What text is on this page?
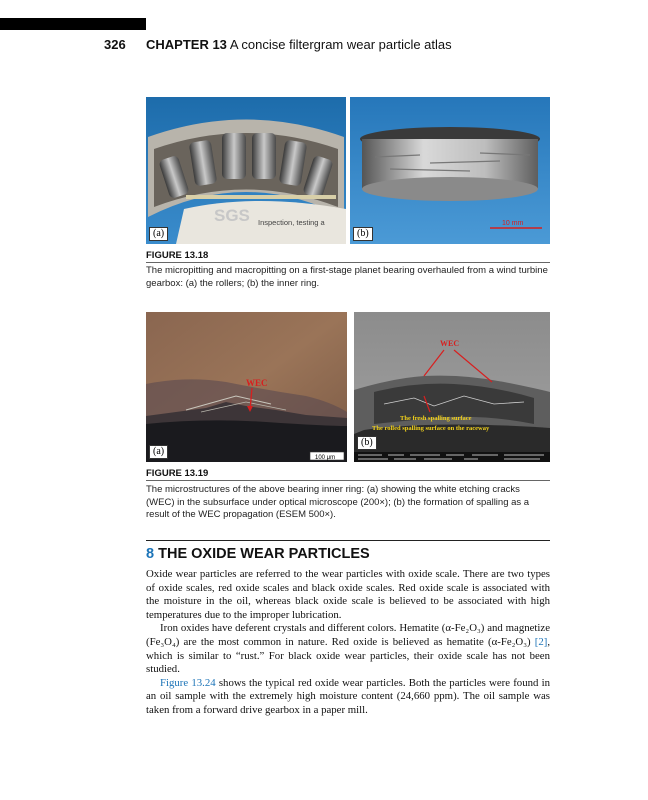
326 CHAPTER 13 A concise filtergram wear particle atlas
SGS Inspection, testing a
(a)
10 mm
(b)
FIGURE 13.18
The micropitting and macropitting on a first-stage planet bearing overhauled from a wind turbine gearbox: (a) the rollers; (b) the inner ring.
WEC
100 μm
(a)
WEC
The fresh spalling surface
The rolled spalling surface on the raceway
(b)
FIGURE 13.19
The microstructures of the above bearing inner ring: (a) showing the white etching cracks (WEC) in the subsurface under optical microscope (200×); (b) the formation of spalling as a result of the WEC propagation (ESEM 500×).
8 THE OXIDE WEAR PARTICLES

Oxide wear particles are referred to the wear particles with oxide scale. There are two types of oxide scales, red oxide scales and black oxide scales. Red oxide scale is associated with the moisture in the oil, whereas black oxide scale is believed to be associated with high temperatures due to the improper lubrication.

Iron oxides have deferent crystals and different colors. Hematite (α-Fe₂O₃) and magnetize (Fe₃O₄) are the most common in nature. Red oxide is believed as hematite (α-Fe₂O₃) [2], which is similar to “rust.” For black oxide wear particles, their oxide scale has not been studied.

Figure 13.24 shows the typical red oxide wear particles. Both the particles were found in an oil sample with the extremely high moisture content (24,660 ppm). The oil sample was taken from a forward drive gearbox in a paper mill.
